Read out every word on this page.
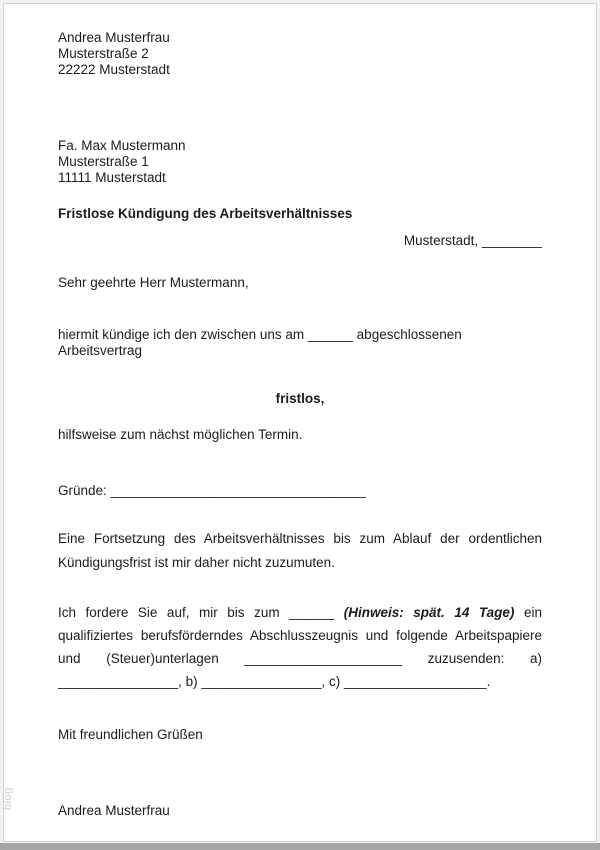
Andrea Musterfrau
Musterstraße 2
22222 Musterstadt
Fa. Max Mustermann
Musterstraße 1
11111 Musterstadt
Fristlose Kündigung des Arbeitsverhältnisses
Musterstadt, ________
Sehr geehrte Herr Mustermann,

hiermit kündige ich den zwischen uns am ______ abgeschlossenen Arbeitsvertrag

fristlos,

hilfsweise zum nächst möglichen Termin.

Gründe: __________________________________

Eine Fortsetzung des Arbeitsverhältnisses bis zum Ablauf der ordentlichen Kündigungsfrist ist mir daher nicht zuzumuten.

Ich fordere Sie auf, mir bis zum ______ (Hinweis: spät. 14 Tage) ein qualifiziertes berufsförderndes Abschlusszeugnis und folgende Arbeitspapiere und (Steuer)unterlagen _____________________ zuzusenden: a) ________________, b) ________________, c) ___________________.

Mit freundlichen Grüßen
Andrea Musterfrau
blog
